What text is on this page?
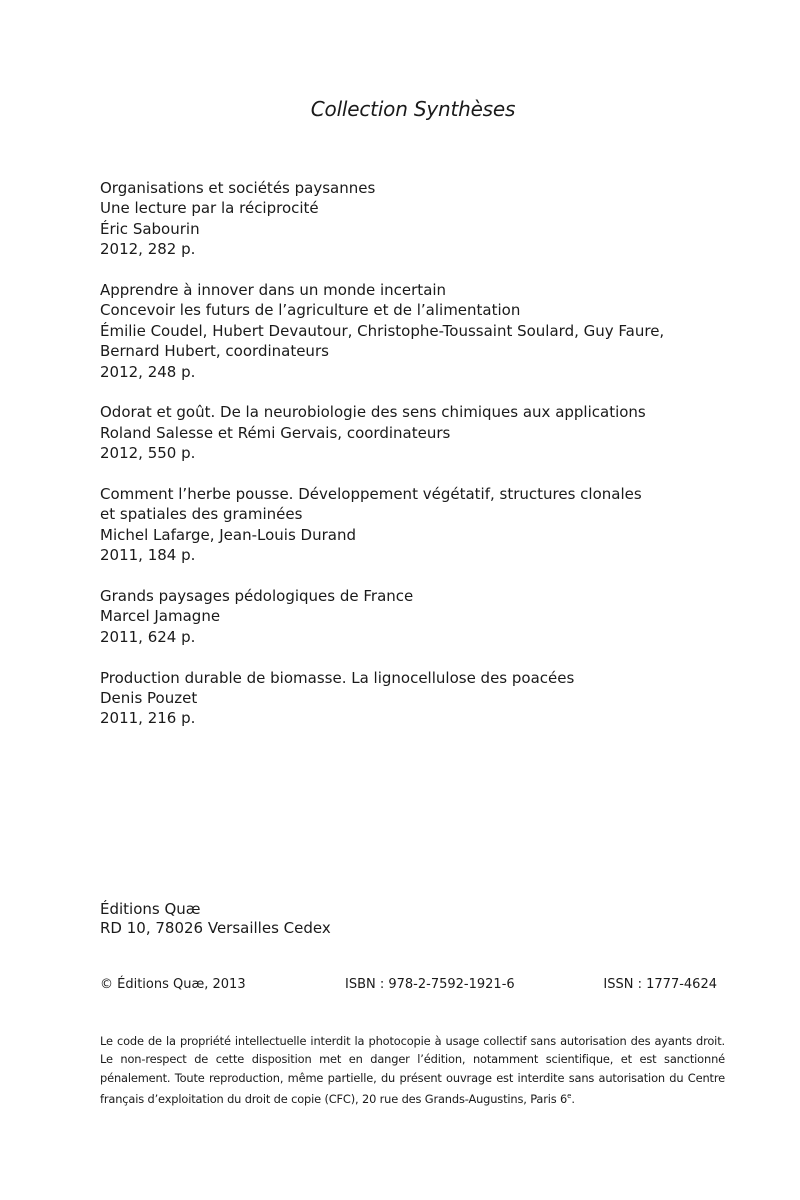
Collection Synthèses
Organisations et sociétés paysannes
Une lecture par la réciprocité
Éric Sabourin
2012, 282 p.
Apprendre à innover dans un monde incertain
Concevoir les futurs de l’agriculture et de l’alimentation
Émilie Coudel, Hubert Devautour, Christophe-Toussaint Soulard, Guy Faure,
Bernard Hubert, coordinateurs
2012, 248 p.
Odorat et goût. De la neurobiologie des sens chimiques aux applications
Roland Salesse et Rémi Gervais, coordinateurs
2012, 550 p.
Comment l’herbe pousse. Développement végétatif, structures clonales
et spatiales des graminées
Michel Lafarge, Jean-Louis Durand
2011, 184 p.
Grands paysages pédologiques de France
Marcel Jamagne
2011, 624 p.
Production durable de biomasse. La lignocellulose des poacées
Denis Pouzet
2011, 216 p.
Éditions Quæ
RD 10, 78026 Versailles Cedex
© Éditions Quæ, 2013	ISBN : 978-2-7592-1921-6	ISSN : 1777-4624
Le code de la propriété intellectuelle interdit la photocopie à usage collectif sans autorisation des ayants droit. Le non-respect de cette disposition met en danger l’édition, notamment scientifique, et est sanctionné pénalement. Toute reproduction, même partielle, du présent ouvrage est interdite sans autorisation du Centre français d’exploitation du droit de copie (CFC), 20 rue des Grands-Augustins, Paris 6e.
